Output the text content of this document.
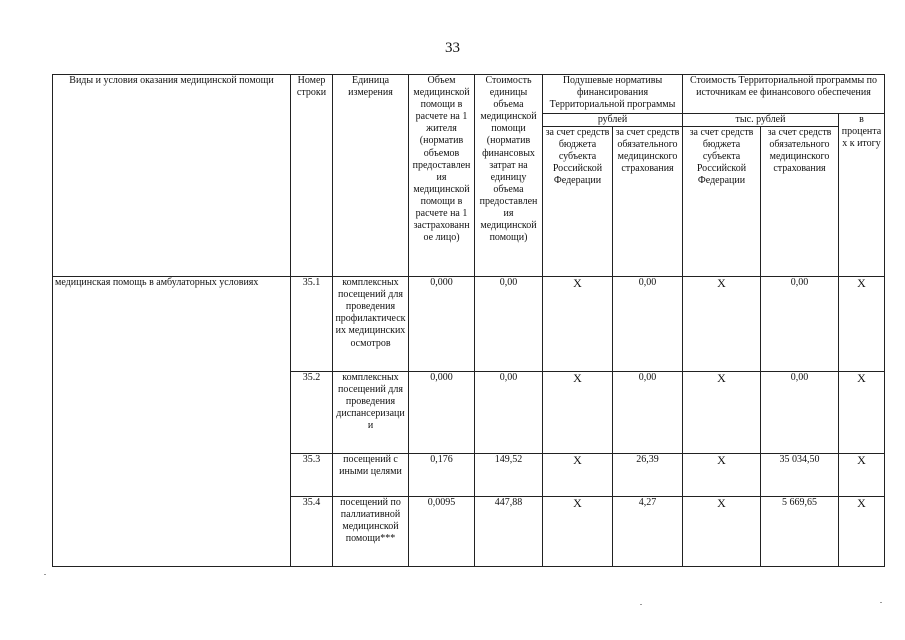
33
Виды и условия оказания медицинской помощи	Номер строки	Единица измерения	Объем медицинской помощи в расчете на 1 жителя (норматив объемов предоставления медицинской помощи в расчете на 1 застрахованное лицо)	Стоимость единицы объема медицинской помощи (норматив финансовых затрат на единицу объема предоставления медицинской помощи)	Подушевые нормативы финансирования Территориальной программы		Стоимость Территориальной программы по источникам ее финансового обеспечения		
					рублей		тыс. рублей		в процентах к итогу
					за счет средств бюджета субъекта Российской Федерации	за счет средств обязательного медицинского страхования	за счет средств бюджета субъекта Российской Федерации	за счет средств обязательного медицинского страхования	
медицинская помощь в амбулаторных условиях	35.1	комплексных посещений для проведения профилактических медицинских осмотров	0,000	0,00	X	0,00	X	0,00	X
	35.2	комплексных посещений для проведения диспансеризации	0,000	0,00	X	0,00	X	0,00	X
	35.3	посещений с иными целями	0,176	149,52	X	26,39	X	35 034,50	X
	35.4	посещений по паллиативной медицинской помощи***	0,0095	447,88	X	4,27	X	5 669,65	X
